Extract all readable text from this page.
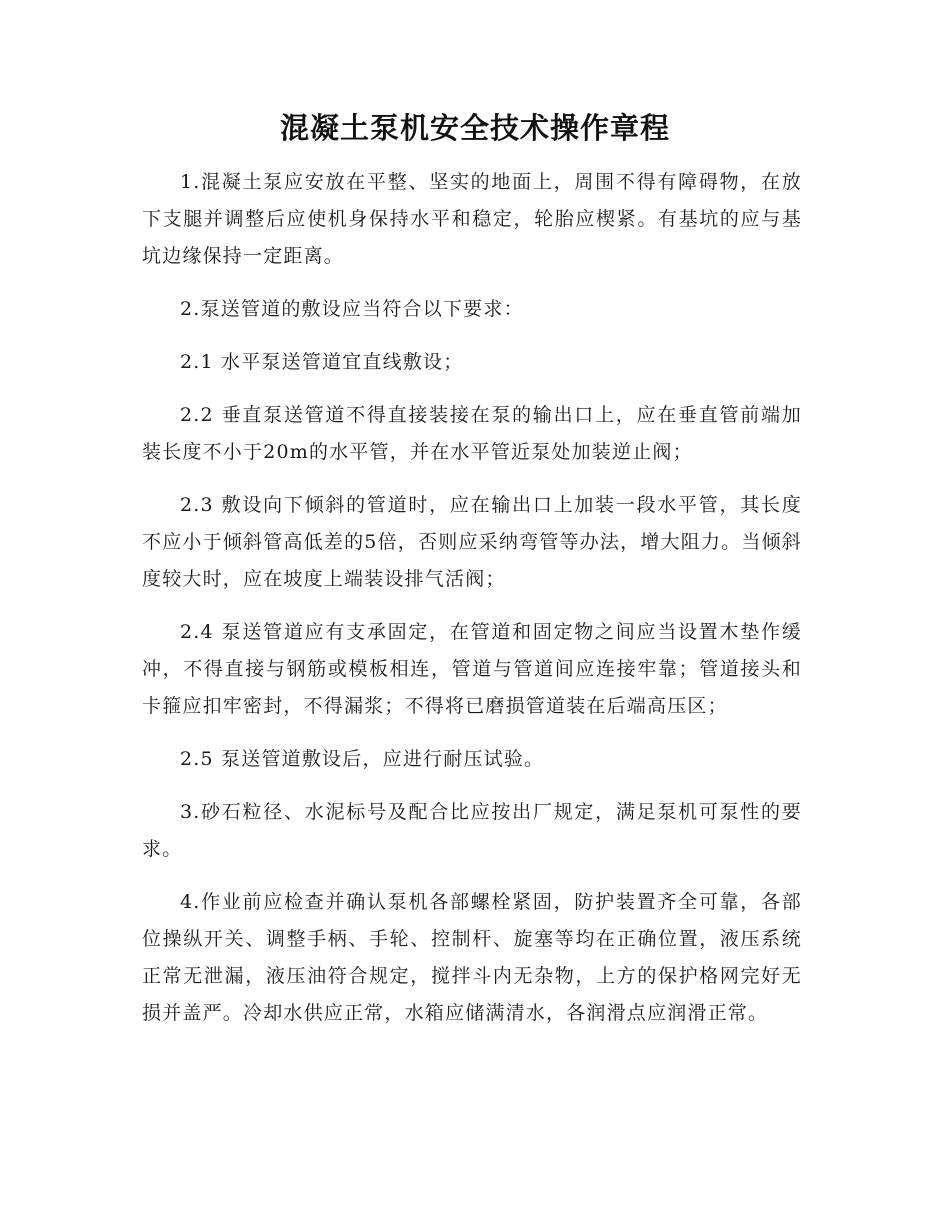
混凝土泵机安全技术操作章程

1.混凝土泵应安放在平整、坚实的地面上，周围不得有障碍物，在放下支腿并调整后应使机身保持水平和稳定，轮胎应楔紧。有基坑的应与基坑边缘保持一定距离。

2.泵送管道的敷设应当符合以下要求：

2.1 水平泵送管道宜直线敷设；

2.2 垂直泵送管道不得直接装接在泵的输出口上，应在垂直管前端加装长度不小于20m的水平管，并在水平管近泵处加装逆止阀；

2.3 敷设向下倾斜的管道时，应在输出口上加装一段水平管，其长度不应小于倾斜管高低差的5倍，否则应采纳弯管等办法，增大阻力。当倾斜度较大时，应在坡度上端装设排气活阀；

2.4 泵送管道应有支承固定，在管道和固定物之间应当设置木垫作缓冲，不得直接与钢筋或模板相连，管道与管道间应连接牢靠；管道接头和卡箍应扣牢密封，不得漏浆；不得将已磨损管道装在后端高压区；

2.5 泵送管道敷设后，应进行耐压试验。

3.砂石粒径、水泥标号及配合比应按出厂规定，满足泵机可泵性的要求。

4.作业前应检查并确认泵机各部螺栓紧固，防护装置齐全可靠，各部位操纵开关、调整手柄、手轮、控制杆、旋塞等均在正确位置，液压系统正常无泄漏，液压油符合规定，搅拌斗内无杂物，上方的保护格网完好无损并盖严。冷却水供应正常，水箱应储满清水，各润滑点应润滑正常。
